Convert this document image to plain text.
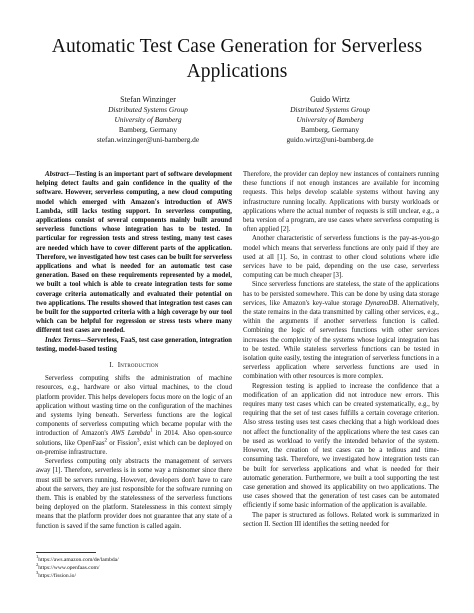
Automatic Test Case Generation for Serverless Applications
Stefan Winzinger
Distributed Systems Group
University of Bamberg
Bamberg, Germany
stefan.winzinger@uni-bamberg.de
Guido Wirtz
Distributed Systems Group
University of Bamberg
Bamberg, Germany
guido.wirtz@uni-bamberg.de

Abstract—Testing is an important part of software development helping detect faults and gain confidence in the quality of the software. However, serverless computing, a new cloud computing model which emerged with Amazon's introduction of AWS Lambda, still lacks testing support. In serverless computing, applications consist of several components mainly built around serverless functions whose integration has to be tested. In particular for regression tests and stress testing, many test cases are needed which have to cover different parts of the application. Therefore, we investigated how test cases can be built for serverless applications and what is needed for an automatic test case generation. Based on these requirements represented by a model, we built a tool which is able to create integration tests for some coverage criteria automatically and evaluated their potential on two applications. The results showed that integration test cases can be built for the supported criteria with a high coverage by our tool which can be helpful for regression or stress tests where many different test cases are needed.

Index Terms—Serverless, FaaS, test case generation, integration testing, model-based testing

I. Introduction

Serverless computing shifts the administration of machine resources, e.g., hardware or also virtual machines, to the cloud platform provider. This helps developers focus more on the logic of an application without wasting time on the configuration of the machines and systems lying beneath. Serverless functions are the logical components of serverless computing which became popular with the introduction of Amazon's AWS Lambda$^1$ in 2014. Also open-source solutions, like OpenFaas$^2$ or Fission$^3$, exist which can be deployed on on-premise infrastructure.

Serverless computing only abstracts the management of servers away [1]. Therefore, serverless is in some way a misnomer since there must still be servers running. However, developers don't have to care about the servers, they are just responsible for the software running on them. This is enabled by the statelessness of the serverless functions being deployed on the platform. Statelessness in this context simply means that the platform provider does not guarantee that any state of a function is saved if the same function is called again.

$^1$https://aws.amazon.com/de/lambda/
$^2$https://www.openfaas.com/
$^3$https://fission.io/

Therefore, the provider can deploy new instances of containers running these functions if not enough instances are available for incoming requests. This helps develop scalable systems without having any infrastructure running locally. Applications with bursty workloads or applications where the actual number of requests is still unclear, e.g., a beta version of a program, are use cases where serverless computing is often applied [2].

Another characteristic of serverless functions is the pay-as-you-go model which means that serverless functions are only paid if they are used at all [1]. So, in contrast to other cloud solutions where idle services have to be paid, depending on the use case, serverless computing can be much cheaper [3].

Since serverless functions are stateless, the state of the applications has to be persisted somewhere. This can be done by using data storage services, like Amazon's key-value storage DynamoDB. Alternatively, the state remains in the data transmitted by calling other services, e.g., within the arguments if another serverless function is called. Combining the logic of serverless functions with other services increases the complexity of the systems whose logical integration has to be tested. While stateless serverless functions can be tested in isolation quite easily, testing the integration of serverless functions in a serverless application where serverless functions are used in combination with other resources is more complex.

Regression testing is applied to increase the confidence that a modification of an application did not introduce new errors. This requires many test cases which can be created systematically, e.g., by requiring that the set of test cases fulfills a certain coverage criterion. Also stress testing uses test cases checking that a high workload does not affect the functionality of the applications where the test cases can be used as workload to verify the intended behavior of the system. However, the creation of test cases can be a tedious and time-consuming task. Therefore, we investigated how integration tests can be built for serverless applications and what is needed for their automatic generation. Furthermore, we built a tool supporting the test case generation and showed its applicability on two applications. The use cases showed that the generation of test cases can be automated efficiently if some basic information of the application is available.

The paper is structured as follows. Related work is summarized in section II. Section III identifies the setting needed for
